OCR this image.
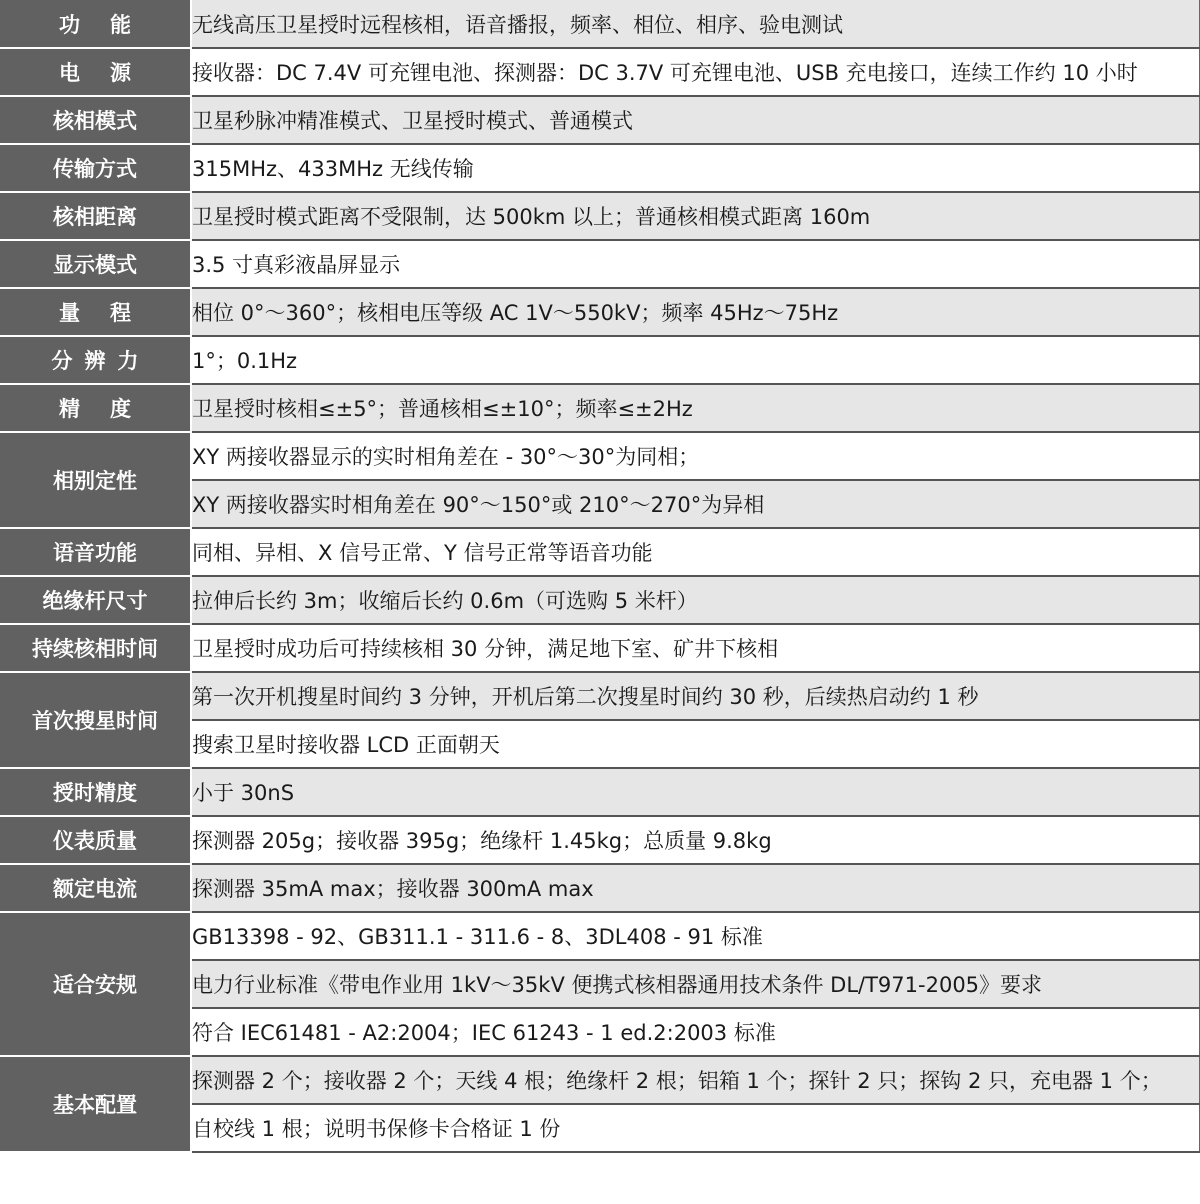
功能	无线高压卫星授时远程核相，语音播报，频率、相位、相序、验电测试
电源	接收器：DC 7.4V 可充锂电池、探测器：DC 3.7V 可充锂电池、USB 充电接口，连续工作约 10 小时
核相模式	卫星秒脉冲精准模式、卫星授时模式、普通模式
传输方式	315MHz、433MHz 无线传输
核相距离	卫星授时模式距离不受限制，达 500km 以上；普通核相模式距离 160m
显示模式	3.5 寸真彩液晶屏显示
量程	相位 0°～360°；核相电压等级 AC 1V～550kV；频率 45Hz～75Hz
分辨力	1°；0.1Hz
精度	卫星授时核相≤±5°；普通核相≤±10°；频率≤±2Hz
相别定性	XY 两接收器显示的实时相角差在 - 30°～30°为同相；
	XY 两接收器实时相角差在 90°～150°或 210°～270°为异相
语音功能	同相、异相、X 信号正常、Y 信号正常等语音功能
绝缘杆尺寸	拉伸后长约 3m；收缩后长约 0.6m（可选购 5 米杆）
持续核相时间	卫星授时成功后可持续核相 30 分钟，满足地下室、矿井下核相
首次搜星时间	第一次开机搜星时间约 3 分钟，开机后第二次搜星时间约 30 秒，后续热启动约 1 秒
	搜索卫星时接收器 LCD 正面朝天
授时精度	小于 30nS
仪表质量	探测器 205g；接收器 395g；绝缘杆 1.45kg；总质量 9.8kg
额定电流	探测器 35mA max；接收器 300mA max
适合安规	GB13398 - 92、GB311.1 - 311.6 - 8、3DL408 - 91 标准
	电力行业标准《带电作业用 1kV～35kV 便携式核相器通用技术条件 DL/T971-2005》要求
	符合 IEC61481 - A2:2004；IEC 61243 - 1 ed.2:2003 标准
基本配置	探测器 2 个；接收器 2 个；天线 4 根；绝缘杆 2 根；铝箱 1 个；探针 2 只；探钩 2 只，充电器 1 个；
	自校线 1 根；说明书保修卡合格证 1 份
